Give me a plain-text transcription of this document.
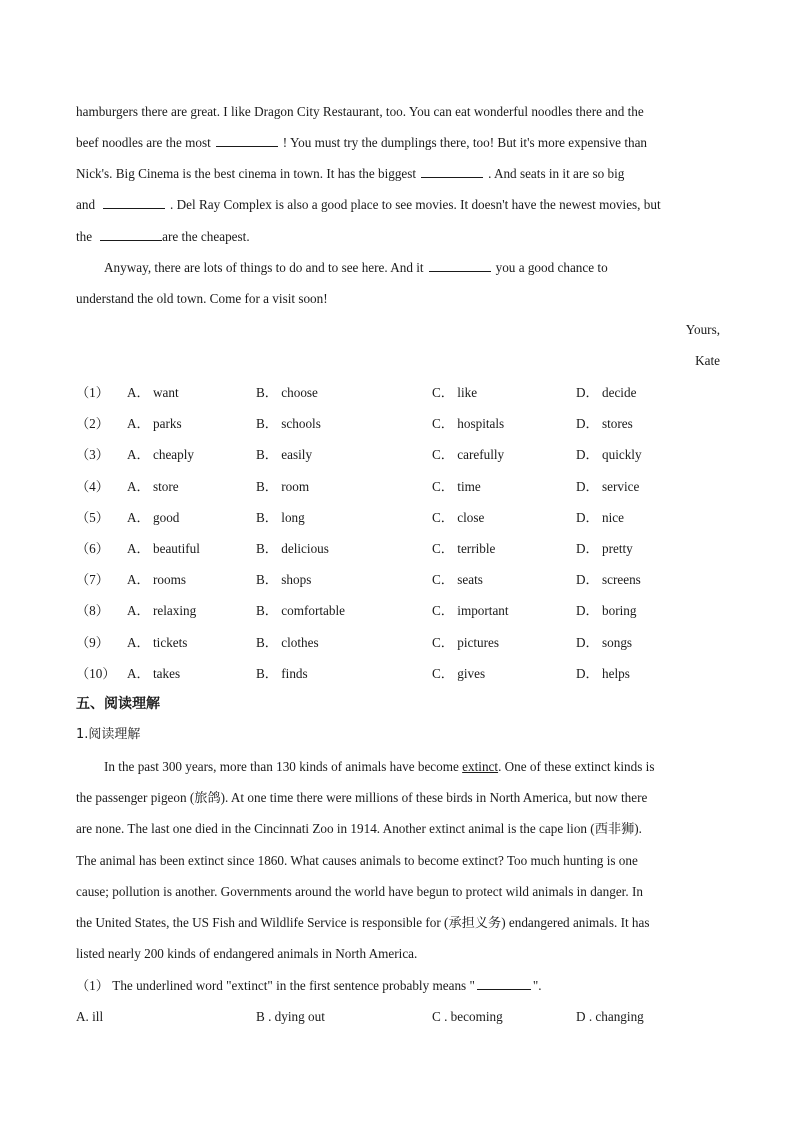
hamburgers there are great. I like Dragon City Restaurant, too. You can eat wonderful noodles there and the
beef noodles are the most	! You must try the dumplings there, too! But it's more expensive than
Nick's. Big Cinema is the best cinema in town. It has the biggest	. And seats in it are so big
and	. Del Ray Complex is also a good place to see movies. It doesn't have the newest movies, but
the	are the cheapest.
Anyway, there are lots of things to do and to see here. And it	you a good chance to
understand the old town. Come for a visit soon!
Yours,
Kate
（1） A． want	B． choose	C． like	D． decide
（2） A． parks	B． schools	C． hospitals	D． stores
（3） A． cheaply	B． easily	C． carefully	D． quickly
（4） A． store	B． room	C． time	D． service
（5） A． good	B． long	C． close	D． nice
（6） A． beautiful	B． delicious	C． terrible	D． pretty
（7） A． rooms	B． shops	C． seats	D． screens
（8） A． relaxing	B． comfortable	C． important	D． boring
（9） A． tickets	B． clothes	C． pictures	D． songs
（10） A． takes	B． finds	C． gives	D． helps
五、阅读理解
1.阅读理解
In the past 300 years, more than 130 kinds of animals have become extinct. One of these extinct kinds is
the passenger pigeon (旅鸽). At one time there were millions of these birds in North America, but now there
are none. The last one died in the Cincinnati Zoo in 1914. Another extinct animal is the cape lion (西非狮).
The animal has been extinct since 1860. What causes animals to become extinct? Too much hunting is one
cause; pollution is another. Governments around the world have begun to protect wild animals in danger. In
the United States, the US Fish and Wildlife Service is responsible for (承担义务) endangered animals. It has
listed nearly 200 kinds of endangered animals in North America.
（1） The underlined word "extinct" in the first sentence probably means "	".
A. ill	B . dying out	C . becoming	D . changing
